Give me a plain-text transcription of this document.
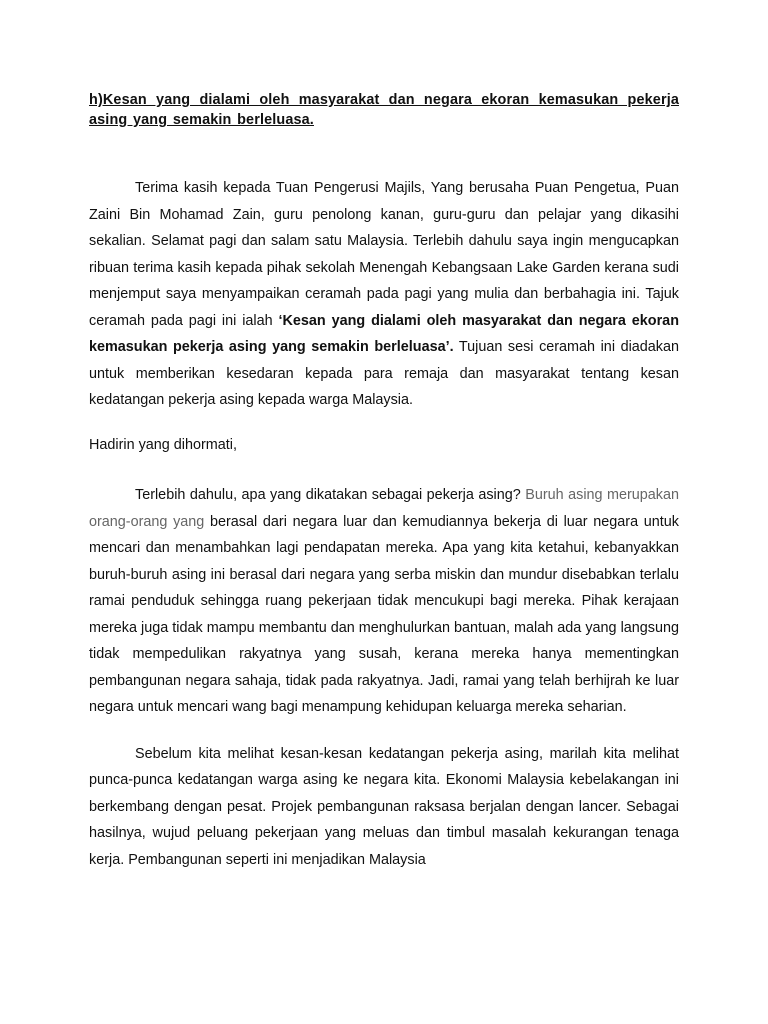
h)Kesan yang dialami oleh masyarakat dan negara ekoran kemasukan pekerja asing yang semakin berleluasa.

Terima kasih kepada Tuan Pengerusi Majils, Yang berusaha Puan Pengetua, Puan Zaini Bin Mohamad Zain, guru penolong kanan, guru-guru dan pelajar yang dikasihi sekalian. Selamat pagi dan salam satu Malaysia. Terlebih dahulu saya ingin mengucapkan ribuan terima kasih kepada pihak sekolah Menengah Kebangsaan Lake Garden kerana sudi menjemput saya menyampaikan ceramah pada pagi yang mulia dan berbahagia ini. Tajuk ceramah pada pagi ini ialah ‘Kesan yang dialami oleh masyarakat dan negara ekoran kemasukan pekerja asing yang semakin berleluasa’. Tujuan sesi ceramah ini diadakan untuk memberikan kesedaran kepada para remaja dan masyarakat tentang kesan kedatangan pekerja asing kepada warga Malaysia.

Hadirin yang dihormati,

Terlebih dahulu, apa yang dikatakan sebagai pekerja asing? Buruh asing merupakan orang-orang yang berasal dari negara luar dan kemudiannya bekerja di luar negara untuk mencari dan menambahkan lagi pendapatan mereka. Apa yang kita ketahui, kebanyakkan buruh-buruh asing ini berasal dari negara yang serba miskin dan mundur disebabkan terlalu ramai penduduk sehingga ruang pekerjaan tidak mencukupi bagi mereka. Pihak kerajaan mereka juga tidak mampu membantu dan menghulurkan bantuan, malah ada yang langsung tidak mempedulikan rakyatnya yang susah, kerana mereka hanya mementingkan pembangunan negara sahaja, tidak pada rakyatnya. Jadi, ramai yang telah berhijrah ke luar negara untuk mencari wang bagi menampung kehidupan keluarga mereka seharian.

Sebelum kita melihat kesan-kesan kedatangan pekerja asing, marilah kita melihat punca-punca kedatangan warga asing ke negara kita. Ekonomi Malaysia kebelakangan ini berkembang dengan pesat. Projek pembangunan raksasa berjalan dengan lancer. Sebagai hasilnya, wujud peluang pekerjaan yang meluas dan timbul masalah kekurangan tenaga kerja. Pembangunan seperti ini menjadikan Malaysia
